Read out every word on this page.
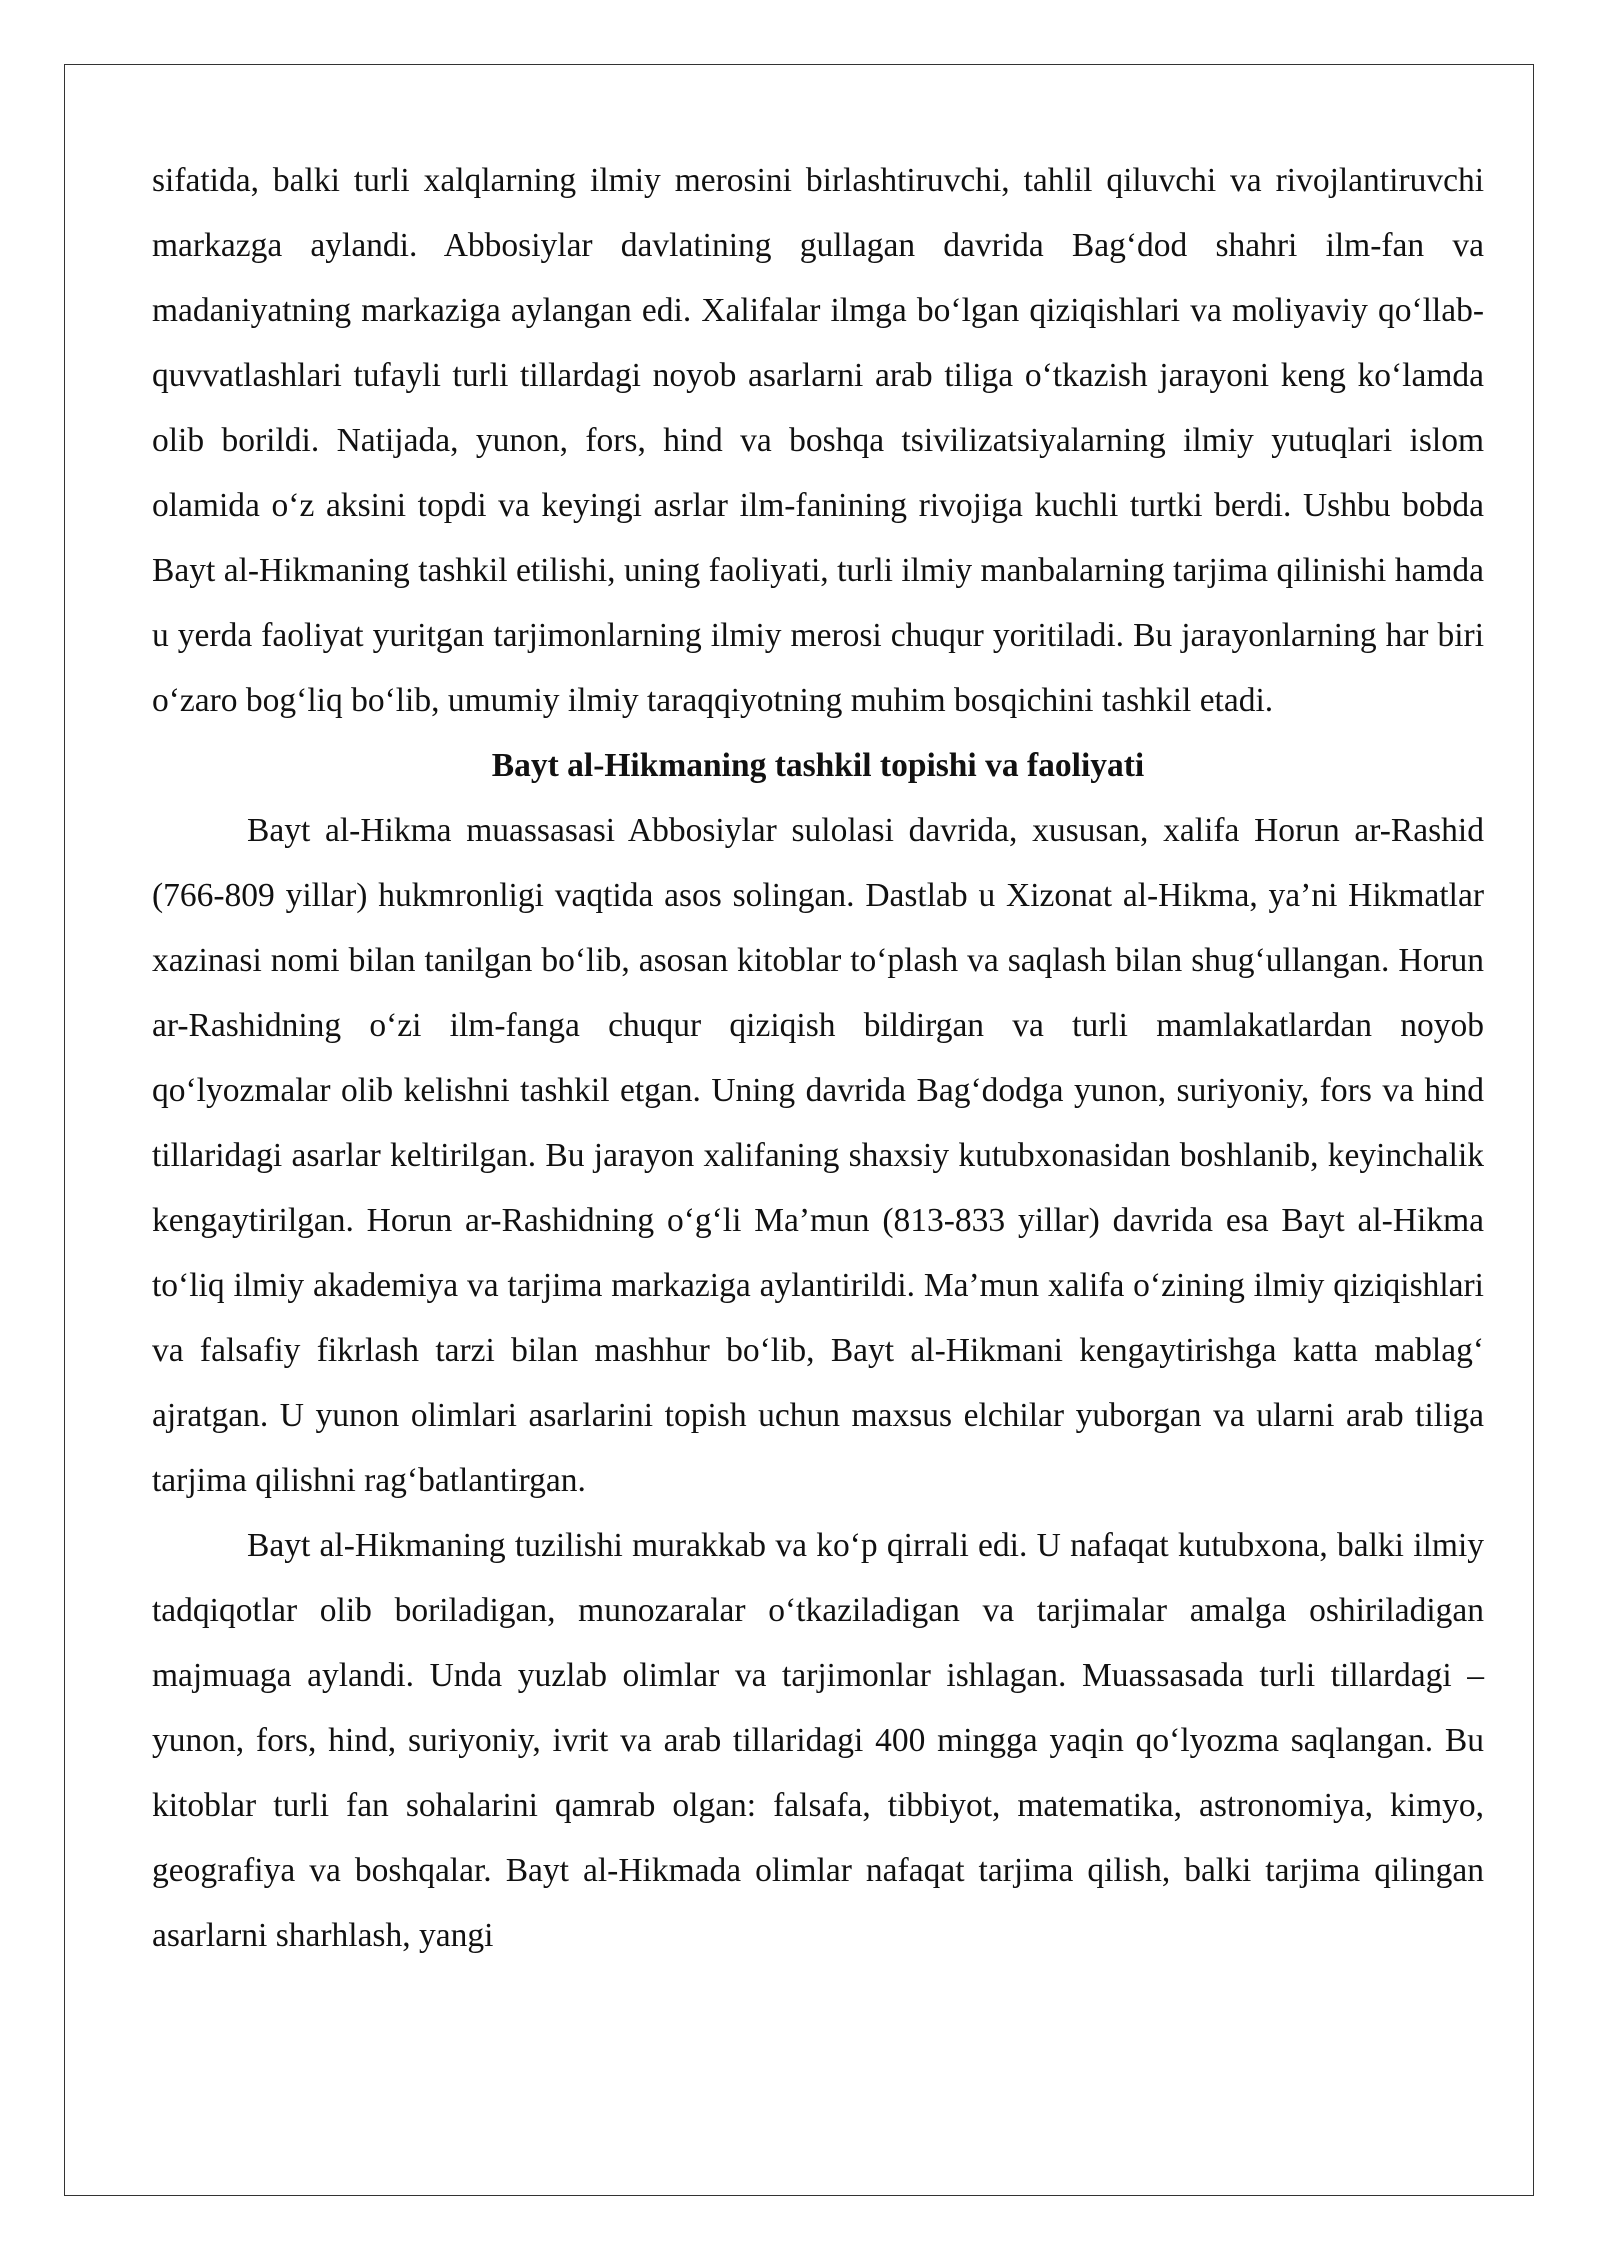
sifatida, balki turli xalqlarning ilmiy merosini birlashtiruvchi, tahlil qiluvchi va rivojlantiruvchi markazga aylandi. Abbosiylar davlatining gullagan davrida Bag‘dod shahri ilm-fan va madaniyatning markaziga aylangan edi. Xalifalar ilmga bo‘lgan qiziqishlari va moliyaviy qo‘llab-quvvatlashlari tufayli turli tillardagi noyob asarlarni arab tiliga o‘tkazish jarayoni keng ko‘lamda olib borildi. Natijada, yunon, fors, hind va boshqa tsivilizatsiyalarning ilmiy yutuqlari islom olamida o‘z aksini topdi va keyingi asrlar ilm-fanining rivojiga kuchli turtki berdi. Ushbu bobda Bayt al-Hikmaning tashkil etilishi, uning faoliyati, turli ilmiy manbalarning tarjima qilinishi hamda u yerda faoliyat yuritgan tarjimonlarning ilmiy merosi chuqur yoritiladi. Bu jarayonlarning har biri o‘zaro bog‘liq bo‘lib, umumiy ilmiy taraqqiyotning muhim bosqichini tashkil etadi.

Bayt al-Hikmaning tashkil topishi va faoliyati

Bayt al-Hikma muassasasi Abbosiylar sulolasi davrida, xususan, xalifa Horun ar-Rashid (766-809 yillar) hukmronligi vaqtida asos solingan. Dastlab u Xizonat al-Hikma, ya’ni Hikmatlar xazinasi nomi bilan tanilgan bo‘lib, asosan kitoblar to‘plash va saqlash bilan shug‘ullangan. Horun ar-Rashidning o‘zi ilm-fanga chuqur qiziqish bildirgan va turli mamlakatlardan noyob qo‘lyozmalar olib kelishni tashkil etgan. Uning davrida Bag‘dodga yunon, suriyoniy, fors va hind tillaridagi asarlar keltirilgan. Bu jarayon xalifaning shaxsiy kutubxonasidan boshlanib, keyinchalik kengaytirilgan. Horun ar-Rashidning o‘g‘li Ma’mun (813-833 yillar) davrida esa Bayt al-Hikma to‘liq ilmiy akademiya va tarjima markaziga aylantirildi. Ma’mun xalifa o‘zining ilmiy qiziqishlari va falsafiy fikrlash tarzi bilan mashhur bo‘lib, Bayt al-Hikmani kengaytirishga katta mablag‘ ajratgan. U yunon olimlari asarlarini topish uchun maxsus elchilar yuborgan va ularni arab tiliga tarjima qilishni rag‘batlantirgan.

Bayt al-Hikmaning tuzilishi murakkab va ko‘p qirrali edi. U nafaqat kutubxona, balki ilmiy tadqiqotlar olib boriladigan, munozaralar o‘tkaziladigan va tarjimalar amalga oshiriladigan majmuaga aylandi. Unda yuzlab olimlar va tarjimonlar ishlagan. Muassasada turli tillardagi – yunon, fors, hind, suriyoniy, ivrit va arab tillaridagi 400 mingga yaqin qo‘lyozma saqlangan. Bu kitoblar turli fan sohalarini qamrab olgan: falsafa, tibbiyot, matematika, astronomiya, kimyo, geografiya va boshqalar. Bayt al-Hikmada olimlar nafaqat tarjima qilish, balki tarjima qilingan asarlarni sharhlash, yangi
